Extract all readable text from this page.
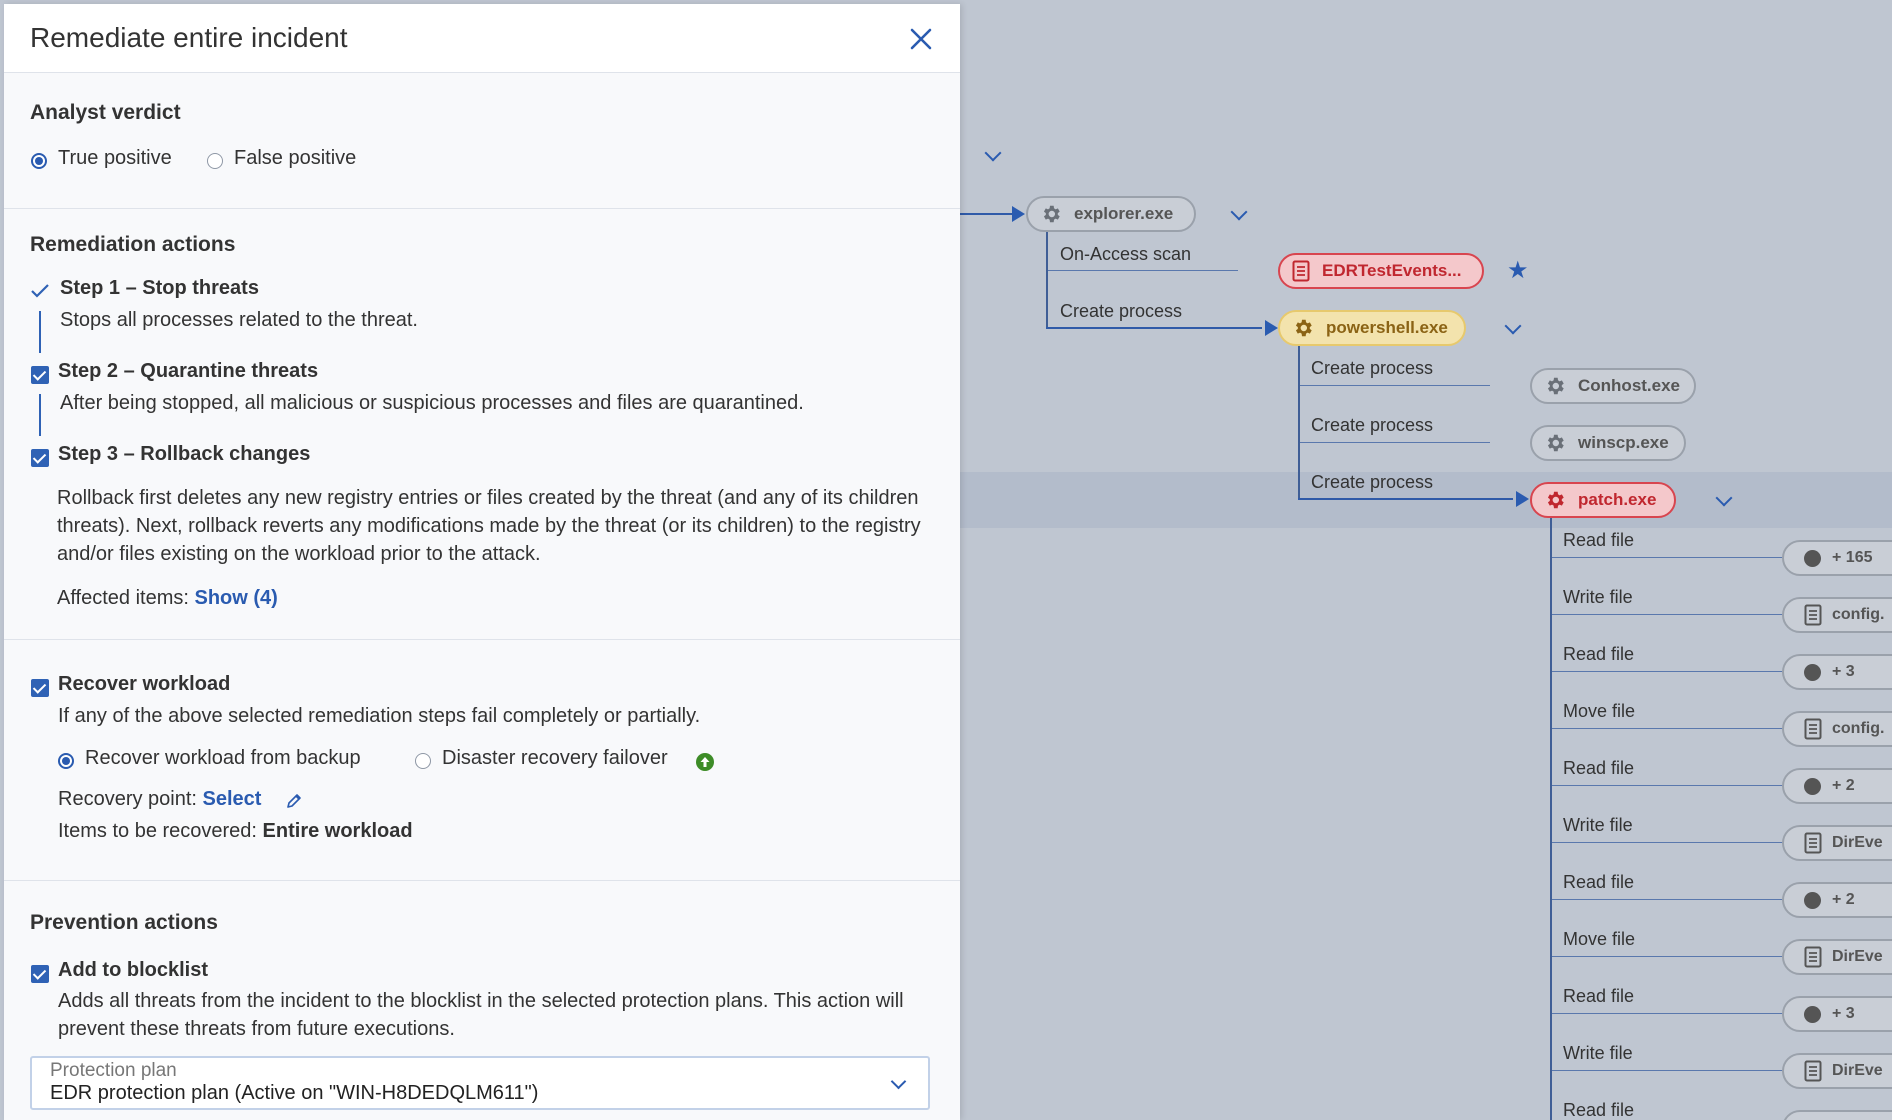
explorer.exe
On-Access scan
EDRTestEvents... ★
Create process
powershell.exe
Create process
Conhost.exe
Create process
winscp.exe
Create process
patch.exe
Read file
+ 165
Write file
config.
Read file
+ 3
Move file
config.
Read file
+ 2
Write file
DirEve
Read file
+ 2
Move file
DirEve
Read file
+ 3
Write file
DirEve
Read file
Remediate entire incident
Analyst verdict
True positive	False positive
Remediation actions
Step 1 – Stop threats
Stops all processes related to the threat.
Step 2 – Quarantine threats
After being stopped, all malicious or suspicious processes and files are quarantined.
Step 3 – Rollback changes
Rollback first deletes any new registry entries or files created by the threat (and any of its children threats). Next, rollback reverts any modifications made by the threat (or its children) to the registry and/or files existing on the workload prior to the attack.
Affected items: Show (4)
Recover workload
If any of the above selected remediation steps fail completely or partially.
Recover workload from backup	Disaster recovery failover
Recovery point: Select
Items to be recovered: Entire workload
Prevention actions
Add to blocklist
Adds all threats from the incident to the blocklist in the selected protection plans. This action will prevent these threats from future executions.
Protection plan
EDR protection plan (Active on "WIN-H8DEDQLM611")
